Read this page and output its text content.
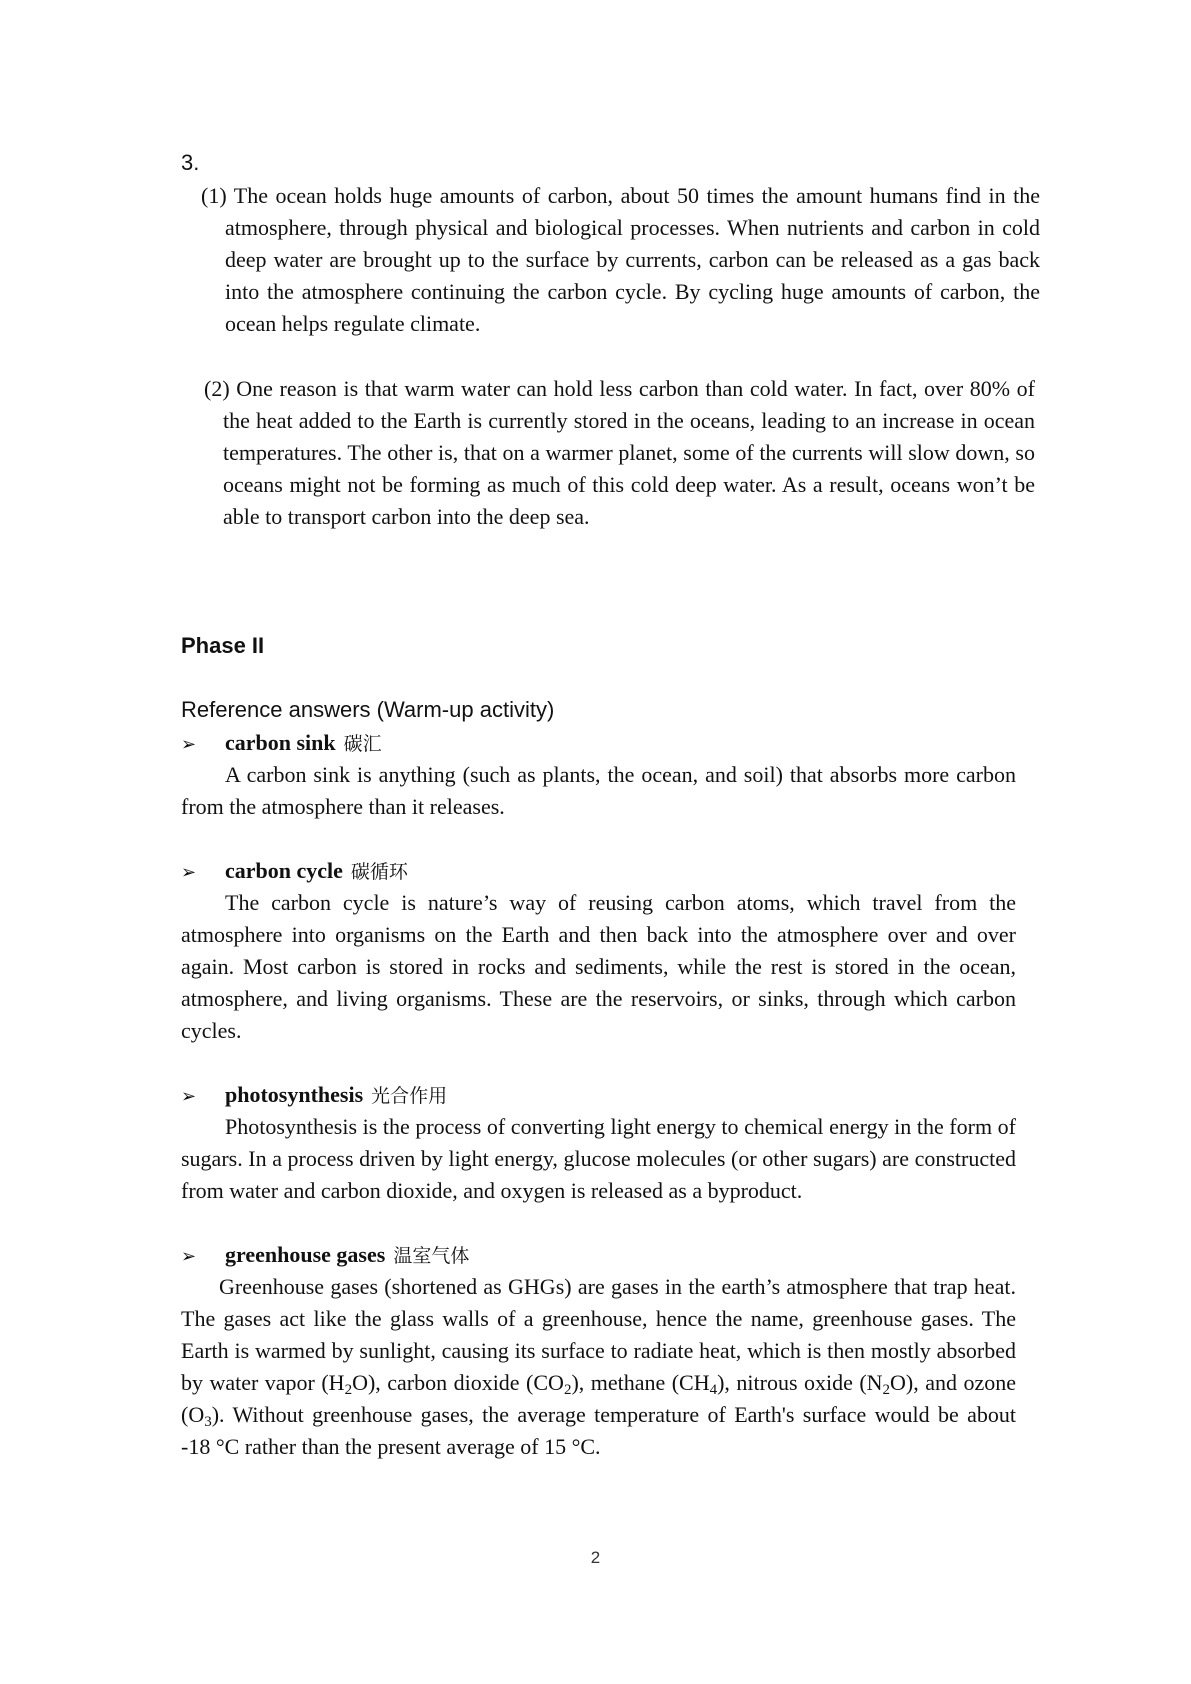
3.

(1) The ocean holds huge amounts of carbon, about 50 times the amount humans find in the atmosphere, through physical and biological processes. When nutrients and carbon in cold deep water are brought up to the surface by currents, carbon can be released as a gas back into the atmosphere continuing the carbon cycle. By cycling huge amounts of carbon, the ocean helps regulate climate.

(2) One reason is that warm water can hold less carbon than cold water. In fact, over 80% of the heat added to the Earth is currently stored in the oceans, leading to an increase in ocean temperatures. The other is, that on a warmer planet, some of the currents will slow down, so oceans might not be forming as much of this cold deep water. As a result, oceans won’t be able to transport carbon into the deep sea.

Phase II
Reference answers (Warm-up activity)
➢ carbon sink 碳汇

A carbon sink is anything (such as plants, the ocean, and soil) that absorbs more carbon from the atmosphere than it releases.

➢ carbon cycle 碳循环

The carbon cycle is nature’s way of reusing carbon atoms, which travel from the atmosphere into organisms on the Earth and then back into the atmosphere over and over again. Most carbon is stored in rocks and sediments, while the rest is stored in the ocean, atmosphere, and living organisms. These are the reservoirs, or sinks, through which carbon cycles.

➢ photosynthesis 光合作用

Photosynthesis is the process of converting light energy to chemical energy in the form of sugars. In a process driven by light energy, glucose molecules (or other sugars) are constructed from water and carbon dioxide, and oxygen is released as a byproduct.

➢ greenhouse gases 温室气体

Greenhouse gases (shortened as GHGs) are gases in the earth’s atmosphere that trap heat. The gases act like the glass walls of a greenhouse, hence the name, greenhouse gases. The Earth is warmed by sunlight, causing its surface to radiate heat, which is then mostly absorbed by water vapor $(H_2O)$, carbon dioxide $(CO_2)$, methane $(CH_4)$, nitrous oxide $(N_2O)$, and ozone $(O_3)$. Without greenhouse gases, the average temperature of Earth's surface would be about -18 °C rather than the present average of 15 °C.

2
